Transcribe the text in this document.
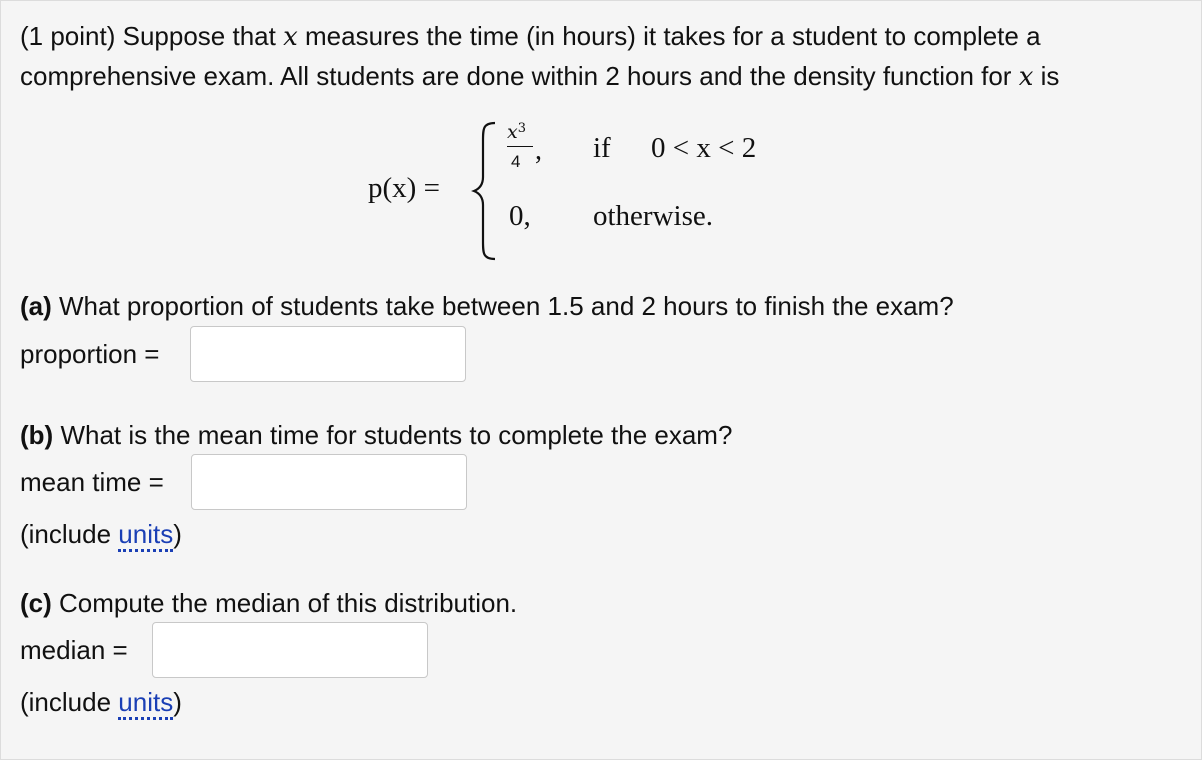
(1 point) Suppose that x measures the time (in hours) it takes for a student to complete a
comprehensive exam. All students are done within 2 hours and the density function for x is
p(x) =
$x^3$
4 , if 0 < x < 2
0, otherwise.
(a) What proportion of students take between 1.5 and 2 hours to finish the exam?
proportion =
(b) What is the mean time for students to complete the exam?
mean time =
(include units)
(c) Compute the median of this distribution.
median =
(include units)
